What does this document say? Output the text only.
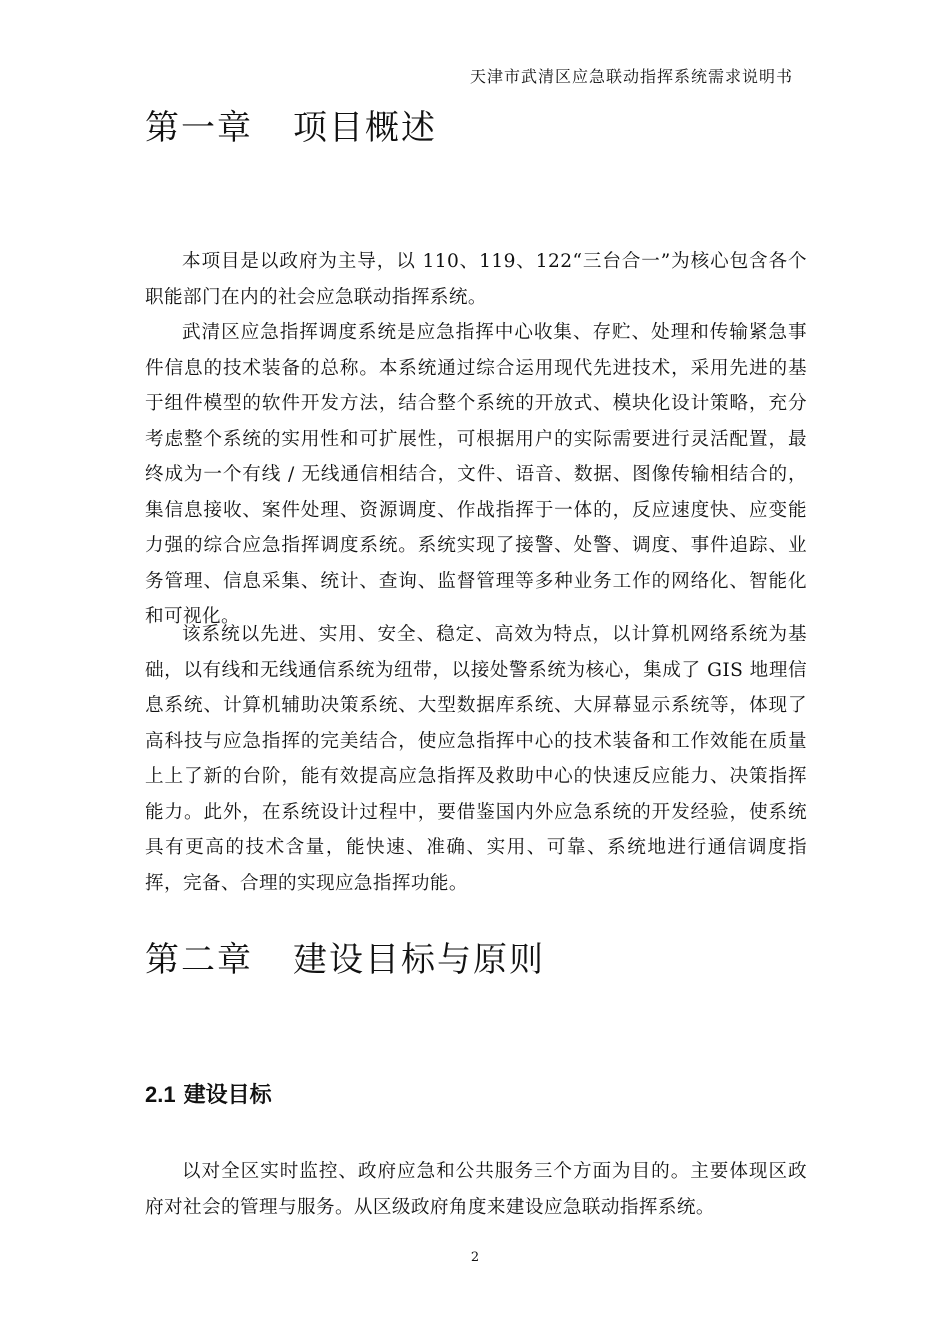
天津市武清区应急联动指挥系统需求说明书
第一章 项目概述

本项目是以政府为主导，以 110、119、122“三台合一”为核心包含各个职能部门在内的社会应急联动指挥系统。

武清区应急指挥调度系统是应急指挥中心收集、存贮、处理和传输紧急事件信息的技术装备的总称。本系统通过综合运用现代先进技术，采用先进的基于组件模型的软件开发方法，结合整个系统的开放式、模块化设计策略，充分考虑整个系统的实用性和可扩展性，可根据用户的实际需要进行灵活配置，最终成为一个有线 / 无线通信相结合，文件、语音、数据、图像传输相结合的，集信息接收、案件处理、资源调度、作战指挥于一体的，反应速度快、应变能力强的综合应急指挥调度系统。系统实现了接警、处警、调度、事件追踪、业务管理、信息采集、统计、查询、监督管理等多种业务工作的网络化、智能化和可视化。

该系统以先进、实用、安全、稳定、高效为特点，以计算机网络系统为基础，以有线和无线通信系统为纽带，以接处警系统为核心，集成了 GIS 地理信息系统、计算机辅助决策系统、大型数据库系统、大屏幕显示系统等，体现了高科技与应急指挥的完美结合，使应急指挥中心的技术装备和工作效能在质量上上了新的台阶，能有效提高应急指挥及救助中心的快速反应能力、决策指挥能力。此外，在系统设计过程中，要借鉴国内外应急系统的开发经验，使系统具有更高的技术含量，能快速、准确、实用、可靠、系统地进行通信调度指挥，完备、合理的实现应急指挥功能。

第二章 建设目标与原则
2.1 建设目标

以对全区实时监控、政府应急和公共服务三个方面为目的。主要体现区政府对社会的管理与服务。从区级政府角度来建设应急联动指挥系统。

2
